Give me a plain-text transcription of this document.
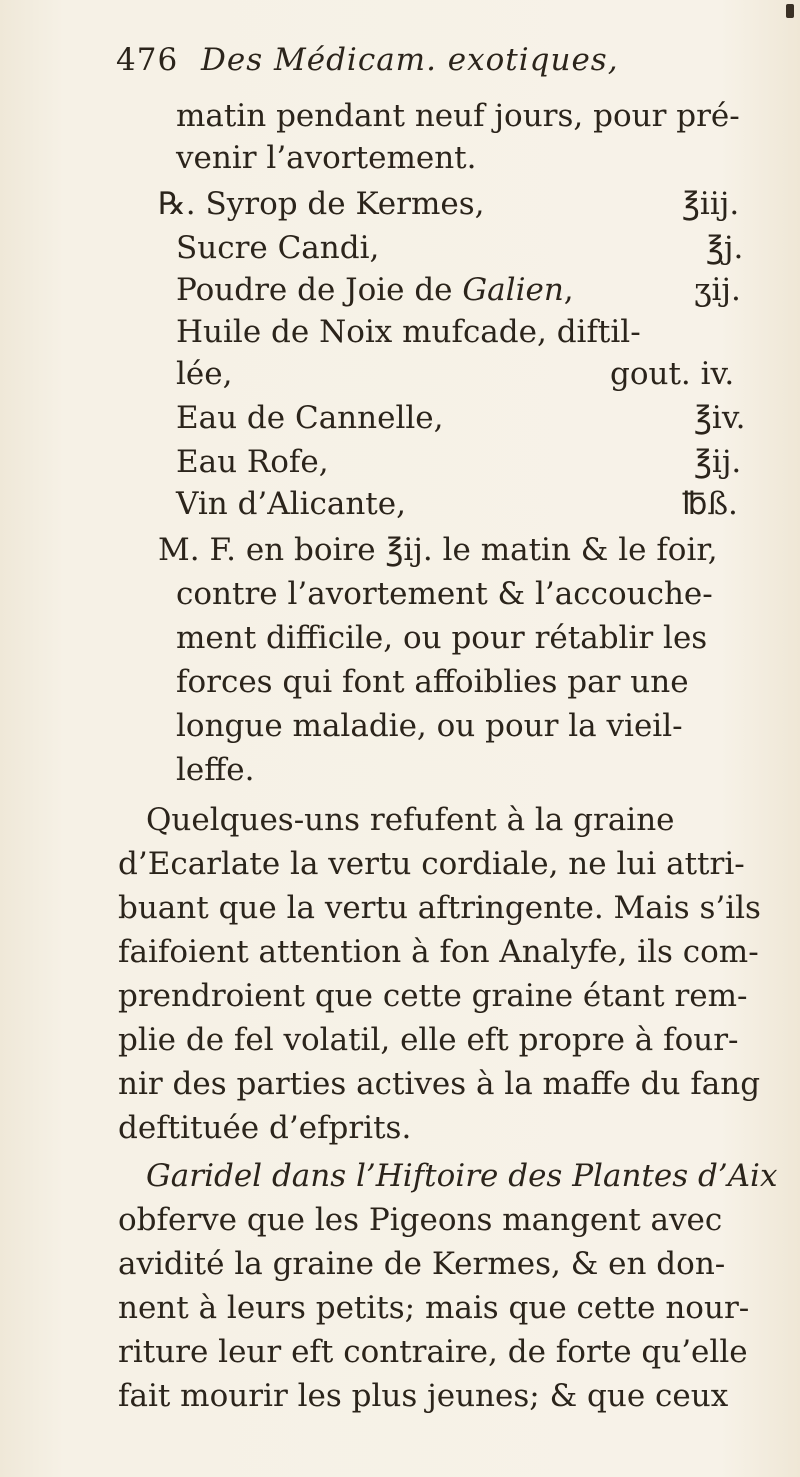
476 Des Médicam. exotiques,
matin pendant neuf jours, pour pré-
venir l’avortement.
℞. Syrop de Kermes,	℥iij.
Sucre Candi,	℥j.
Poudre de Joie de Galien,	ʒij.
Huile de Noix mufcade, diftil-
lée,	gout. iv.
Eau de Cannelle,	℥iv.
Eau Rofe,	℥ij.
Vin d’Alicante,	℔ß.
M. F. en boire ℥ij. le matin & le foir,
contre l’avortement & l’accouche-
ment difficile, ou pour rétablir les
forces qui font affoiblies par une
longue maladie, ou pour la vieil-
leffe.
Quelques-uns refufent à la graine
d’Ecarlate la vertu cordiale, ne lui attri-
buant que la vertu aftringente. Mais s’ils
faifoient attention à fon Analyfe, ils com-
prendroient que cette graine étant rem-
plie de fel volatil, elle eft propre à four-
nir des parties actives à la maffe du fang
deftituée d’efprits.
Garidel dans l’Hiftoire des Plantes d’Aix
obferve que les Pigeons mangent avec
avidité la graine de Kermes, & en don-
nent à leurs petits; mais que cette nour-
riture leur eft contraire, de forte qu’elle
fait mourir les plus jeunes; & que ceux
